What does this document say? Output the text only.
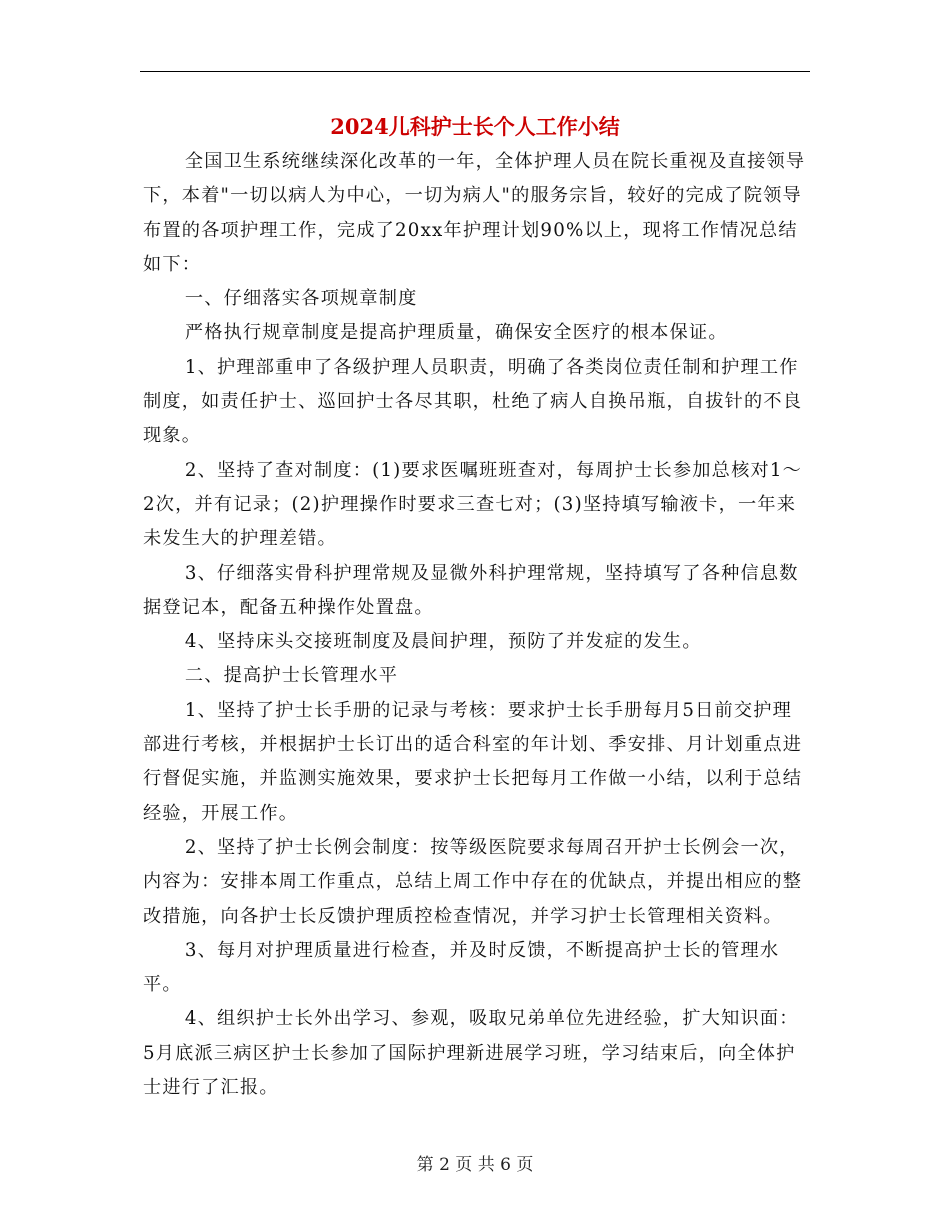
2024儿科护士长个人工作小结

全国卫生系统继续深化改革的一年，全体护理人员在院长重视及直接领导下，本着"一切以病人为中心，一切为病人"的服务宗旨，较好的完成了院领导布置的各项护理工作，完成了20xx年护理计划90%以上，现将工作情况总结如下：

一、仔细落实各项规章制度

严格执行规章制度是提高护理质量，确保安全医疗的根本保证。

1、护理部重申了各级护理人员职责，明确了各类岗位责任制和护理工作制度，如责任护士、巡回护士各尽其职，杜绝了病人自换吊瓶，自拔针的不良现象。

2、坚持了查对制度：(1)要求医嘱班班查对，每周护士长参加总核对1～2次，并有记录；(2)护理操作时要求三查七对；(3)坚持填写输液卡，一年来未发生大的护理差错。

3、仔细落实骨科护理常规及显微外科护理常规，坚持填写了各种信息数据登记本，配备五种操作处置盘。

4、坚持床头交接班制度及晨间护理，预防了并发症的发生。

二、提高护士长管理水平

1、坚持了护士长手册的记录与考核：要求护士长手册每月5日前交护理部进行考核，并根据护士长订出的适合科室的年计划、季安排、月计划重点进行督促实施，并监测实施效果，要求护士长把每月工作做一小结，以利于总结经验，开展工作。

2、坚持了护士长例会制度：按等级医院要求每周召开护士长例会一次，内容为：安排本周工作重点，总结上周工作中存在的优缺点，并提出相应的整改措施，向各护士长反馈护理质控检查情况，并学习护士长管理相关资料。

3、每月对护理质量进行检查，并及时反馈，不断提高护士长的管理水平。

4、组织护士长外出学习、参观，吸取兄弟单位先进经验，扩大知识面：5月底派三病区护士长参加了国际护理新进展学习班，学习结束后，向全体护士进行了汇报。

第 2 页 共 6 页
